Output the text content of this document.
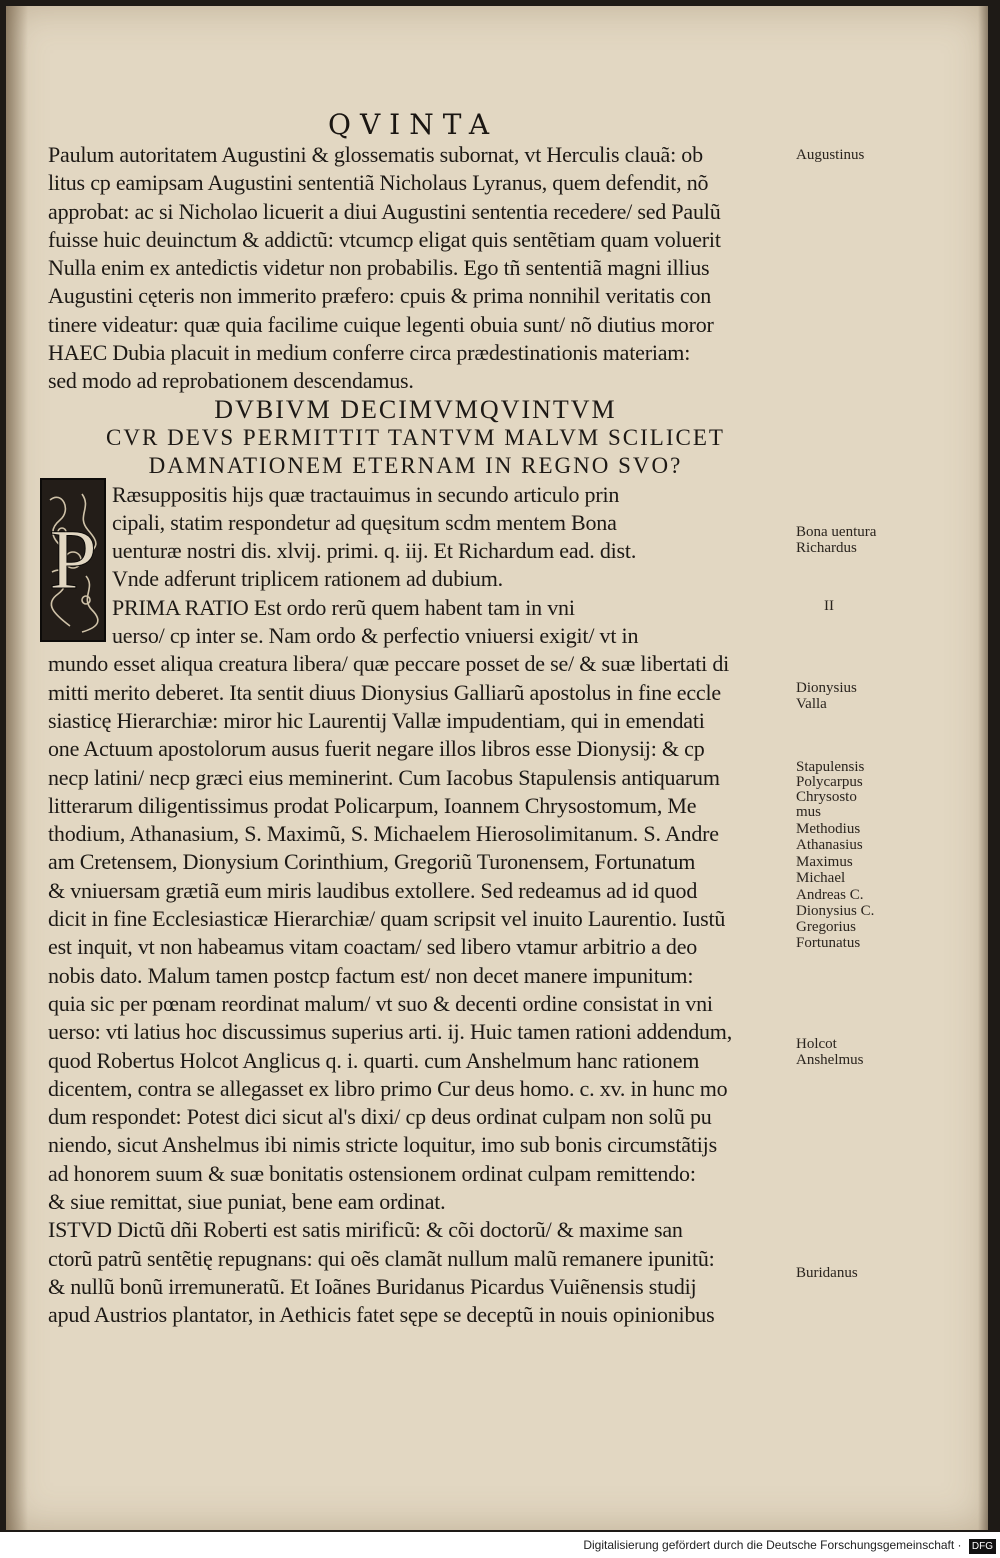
QVINTA
Paulum autoritatem Augustini & glossematis subornat, vt Herculis clauã: ob
litus cp eamipsam Augustini sententiã Nicholaus Lyranus, quem defendit, nõ
approbat: ac si Nicholao licuerit a diui Augustini sententia recedere/ sed Paulũ
fuisse huic deuinctum & addictũ: vtcumcp eligat quis sentẽtiam quam voluerit
Nulla enim ex antedictis videtur non probabilis. Ego tñ sententiã magni illius
Augustini cęteris non immerito præfero: cpuis & prima nonnihil veritatis con
tinere videatur: quæ quia facilime cuique legenti obuia sunt/ nõ diutius moror
HAEC Dubia placuit in medium conferre circa prædestinationis materiam:
sed modo ad reprobationem descendamus.
DVBIVM DECIMVMQVINTVM
CVR DEVS PERMITTIT TANTVM MALVM SCILICET
DAMNATIONEM ETERNAM IN REGNO SVO?
Ræsuppositis hijs quæ tractauimus in secundo articulo prin
cipali, statim respondetur ad quęsitum scdm mentem Bona
uenturæ nostri dis. xlvij. primi. q. iij. Et Richardum ead. dist.
Vnde adferunt triplicem rationem ad dubium.
PRIMA RATIO Est ordo rerũ quem habent tam in vni
uerso/ cp inter se. Nam ordo & perfectio vniuersi exigit/ vt in
mundo esset aliqua creatura libera/ quæ peccare posset de se/ & suæ libertati di
mitti merito deberet. Ita sentit diuus Dionysius Galliarũ apostolus in fine eccle
siasticę Hierarchiæ: miror hic Laurentij Vallæ impudentiam, qui in emendati
one Actuum apostolorum ausus fuerit negare illos libros esse Dionysij: & cp
necp latini/ necp græci eius meminerint. Cum Iacobus Stapulensis antiquarum
litterarum diligentissimus prodat Policarpum, Ioannem Chrysostomum, Me
thodium, Athanasium, S. Maximũ, S. Michaelem Hierosolimitanum. S. Andre
am Cretensem, Dionysium Corinthium, Gregoriũ Turonensem, Fortunatum
& vniuersam grætiã eum miris laudibus extollere. Sed redeamus ad id quod
dicit in fine Ecclesiasticæ Hierarchiæ/ quam scripsit vel inuito Laurentio. Iustũ
est inquit, vt non habeamus vitam coactam/ sed libero vtamur arbitrio a deo
nobis dato. Malum tamen postcp factum est/ non decet manere impunitum:
quia sic per pœnam reordinat malum/ vt suo & decenti ordine consistat in vni
uerso: vti latius hoc discussimus superius arti. ij. Huic tamen rationi addendum,
quod Robertus Holcot Anglicus q. i. quarti. cum Anshelmum hanc rationem
dicentem, contra se allegasset ex libro primo Cur deus homo. c. xv. in hunc mo
dum respondet: Potest dici sicut al's dixi/ cp deus ordinat culpam non solũ pu
niendo, sicut Anshelmus ibi nimis stricte loquitur, imo sub bonis circumstãtijs
ad honorem suum & suæ bonitatis ostensionem ordinat culpam remittendo:
& siue remittat, siue puniat, bene eam ordinat.
ISTVD Dictũ dñi Roberti est satis mirificũ: & cõi doctorũ/ & maxime san
ctorũ patrũ sentẽtię repugnans: qui oẽs clamãt nullum malũ remanere ipunitũ:
& nullũ bonũ irremuneratũ. Et Ioãnes Buridanus Picardus Vuiẽnensis studij
apud Austrios plantator, in Aethicis fatet sępe se deceptũ in nouis opinionibus
P
Augustinus
Bona uentura
Richardus
II
Dionysius
Valla
Stapulensis
Polycarpus
Chrysosto
mus
Methodius
Athanasius
Maximus
Michael
Andreas C.
Dionysius C.
Gregorius
Fortunatus
Holcot
Anshelmus
Buridanus
Digitalisierung gefördert durch die Deutsche Forschungsgemeinschaft · DFG
